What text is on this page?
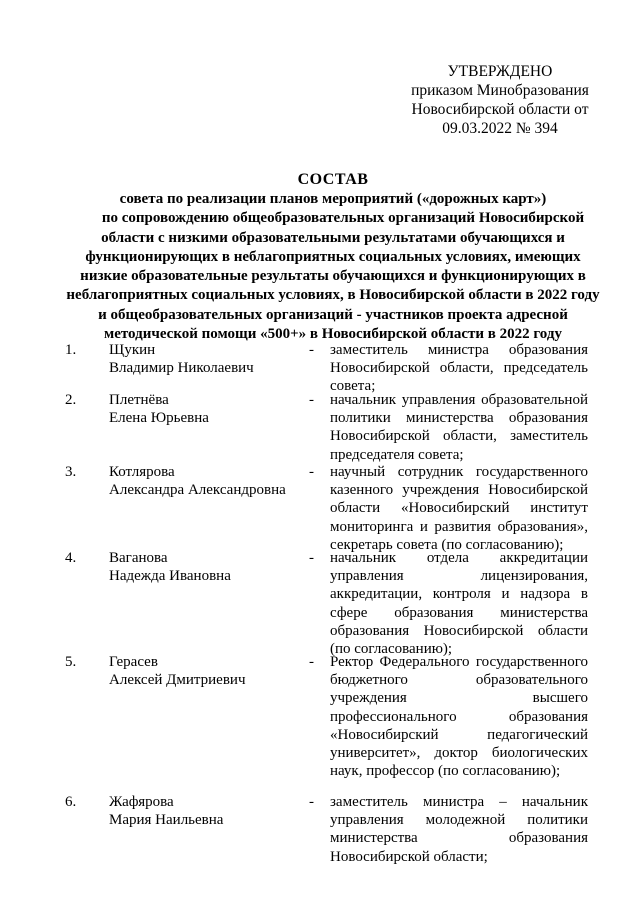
УТВЕРЖДЕНО
приказом Минобразования
Новосибирской области от
09.03.2022 № 394
СОСТАВ
совета по реализации планов мероприятий («дорожных карт»)
по сопровождению общеобразовательных организаций Новосибирской
области с низкими образовательными результатами обучающихся и
функционирующих в неблагоприятных социальных условиях, имеющих
низкие образовательные результаты обучающихся и функционирующих в
неблагоприятных социальных условиях, в Новосибирской области в 2022 году
и общеобразовательных организаций - участников проекта адресной
методической помощи «500+» в Новосибирской области в 2022 году
1. Щукин
Владимир Николаевич
- заместитель министра образования Новосибирской области, председатель совета;
2. Плетнёва
Елена Юрьевна
- начальник управления образовательной политики министерства образования Новосибирской области, заместитель председателя совета;
3. Котлярова
Александра Александровна
- научный сотрудник государственного казенного учреждения Новосибирской области «Новосибирский институт мониторинга и развития образования», секретарь совета (по согласованию);
4. Ваганова
Надежда Ивановна
- начальник отдела аккредитации управления лицензирования, аккредитации, контроля и надзора в сфере образования министерства образования Новосибирской области (по согласованию);
5. Герасев
Алексей Дмитриевич
- Ректор Федерального государственного бюджетного образовательного учреждения высшего профессионального образования «Новосибирский педагогический университет», доктор биологических наук, профессор (по согласованию);
6. Жафярова
Мария Наильевна
- заместитель министра – начальник управления молодежной политики министерства образования Новосибирской области;
